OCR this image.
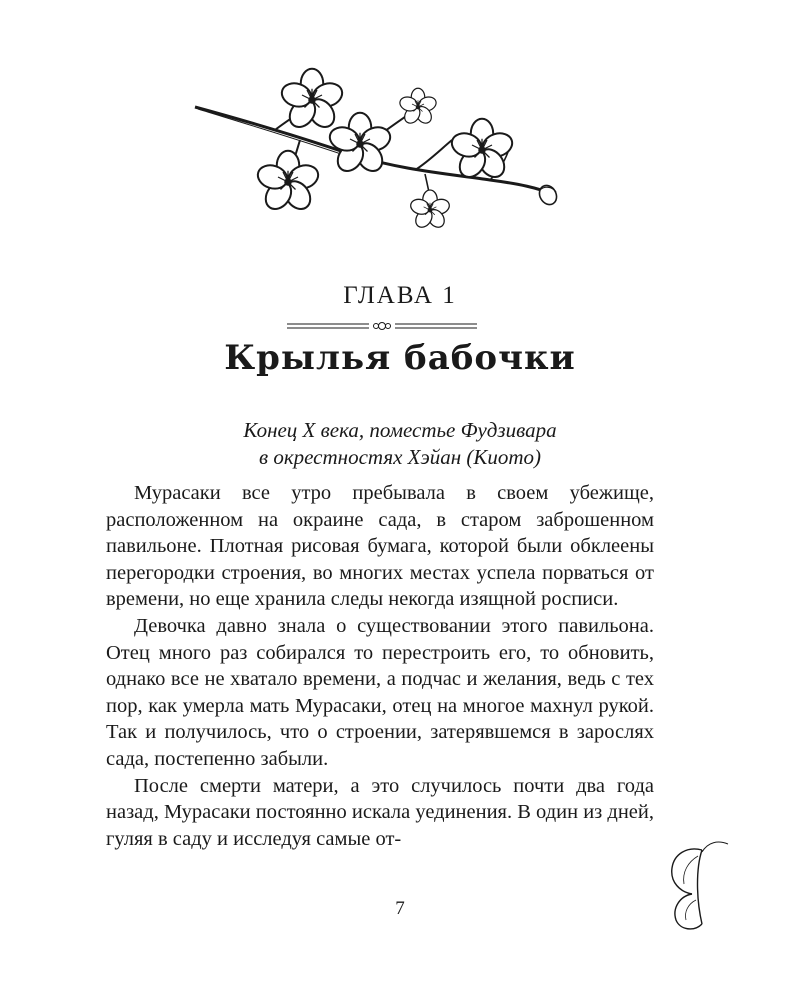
ГЛАВА 1
Крылья бабочки
Конец X века, поместье Фудзивара
в окрестностях Хэйан (Киото)

Мурасаки все утро пребывала в своем убежище, расположенном на окраине сада, в старом заброшенном павильоне. Плотная рисовая бумага, которой были обклеены перегородки строения, во многих местах успела порваться от времени, но еще хранила следы некогда изящной росписи.

Девочка давно знала о существовании этого павильона. Отец много раз собирался то перестроить его, то обновить, однако все не хватало времени, а подчас и желания, ведь с тех пор, как умерла мать Мурасаки, отец на многое махнул рукой. Так и получилось, что о строении, затерявшемся в зарослях сада, постепенно забыли.

После смерти матери, а это случилось почти два года назад, Мурасаки постоянно искала уединения. В один из дней, гуляя в саду и исследуя самые от-

7
